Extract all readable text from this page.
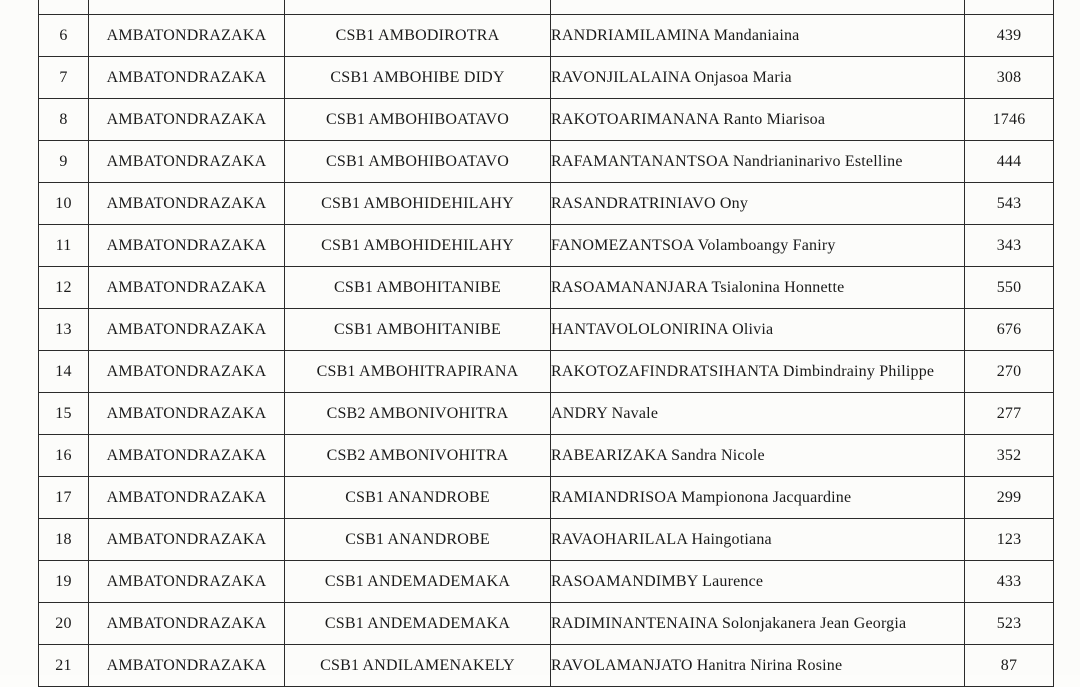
6	AMBATONDRAZAKA	CSB1 AMBODIROTRA	RANDRIAMILAMINA Mandaniaina	439
7	AMBATONDRAZAKA	CSB1 AMBOHIBE DIDY	RAVONJILALAINA Onjasoa Maria	308
8	AMBATONDRAZAKA	CSB1 AMBOHIBOATAVO	RAKOTOARIMANANA Ranto Miarisoa	1746
9	AMBATONDRAZAKA	CSB1 AMBOHIBOATAVO	RAFAMANTANANTSOA Nandrianinarivo Estelline	444
10	AMBATONDRAZAKA	CSB1 AMBOHIDEHILAHY	RASANDRATRINIAVO Ony	543
11	AMBATONDRAZAKA	CSB1 AMBOHIDEHILAHY	FANOMEZANTSOA Volamboangy Faniry	343
12	AMBATONDRAZAKA	CSB1 AMBOHITANIBE	RASOAMANANJARA Tsialonina Honnette	550
13	AMBATONDRAZAKA	CSB1 AMBOHITANIBE	HANTAVOLOLONIRINA Olivia	676
14	AMBATONDRAZAKA	CSB1 AMBOHITRAPIRANA	RAKOTOZAFINDRATSIHANTA Dimbindrainy Philippe	270
15	AMBATONDRAZAKA	CSB2 AMBONIVOHITRA	ANDRY Navale	277
16	AMBATONDRAZAKA	CSB2 AMBONIVOHITRA	RABEARIZAKA Sandra Nicole	352
17	AMBATONDRAZAKA	CSB1 ANANDROBE	RAMIANDRISOA Mampionona Jacquardine	299
18	AMBATONDRAZAKA	CSB1 ANANDROBE	RAVAOHARILALA Haingotiana	123
19	AMBATONDRAZAKA	CSB1 ANDEMADEMAKA	RASOAMANDIMBY Laurence	433
20	AMBATONDRAZAKA	CSB1 ANDEMADEMAKA	RADIMINANTENAINA Solonjakanera Jean Georgia	523
21	AMBATONDRAZAKA	CSB1 ANDILAMENAKELY	RAVOLAMANJATO Hanitra Nirina Rosine	87
